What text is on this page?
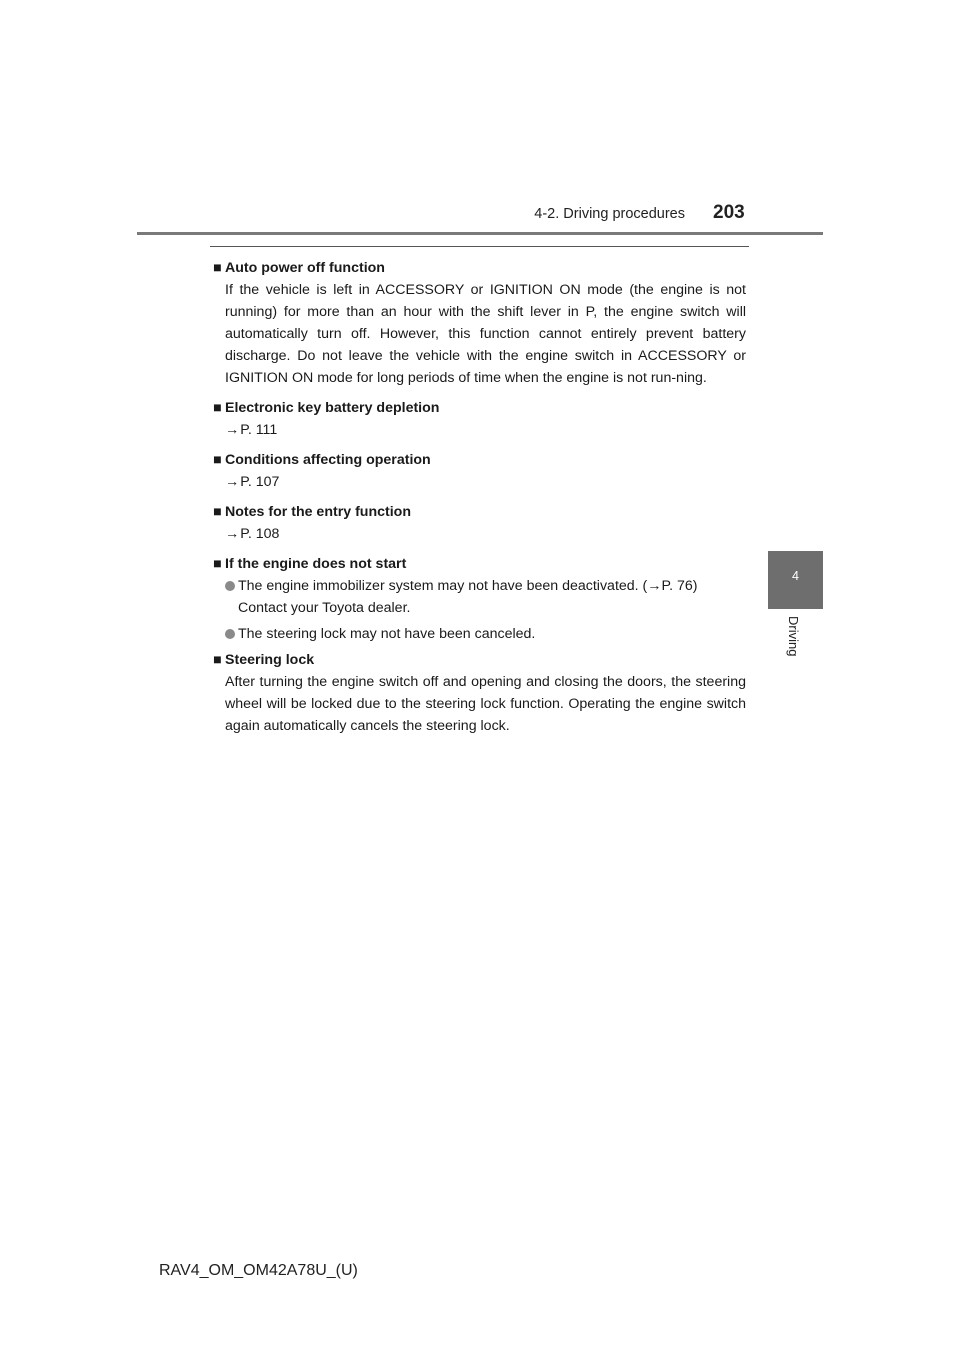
4-2. Driving procedures 203
4
Driving
■ Auto power off function
If the vehicle is left in ACCESSORY or IGNITION ON mode (the engine is not running) for more than an hour with the shift lever in P, the engine switch will automatically turn off. However, this function cannot entirely prevent battery discharge. Do not leave the vehicle with the engine switch in ACCESSORY or IGNITION ON mode for long periods of time when the engine is not run-ning.
■ Electronic key battery depletion
→P. 111
■ Conditions affecting operation
→P. 107
■ Notes for the entry function
→P. 108
■ If the engine does not start
The engine immobilizer system may not have been deactivated. (→P. 76)
Contact your Toyota dealer.
The steering lock may not have been canceled.
■ Steering lock
After turning the engine switch off and opening and closing the doors, the steering wheel will be locked due to the steering lock function. Operating the engine switch again automatically cancels the steering lock.
RAV4_OM_OM42A78U_(U)
